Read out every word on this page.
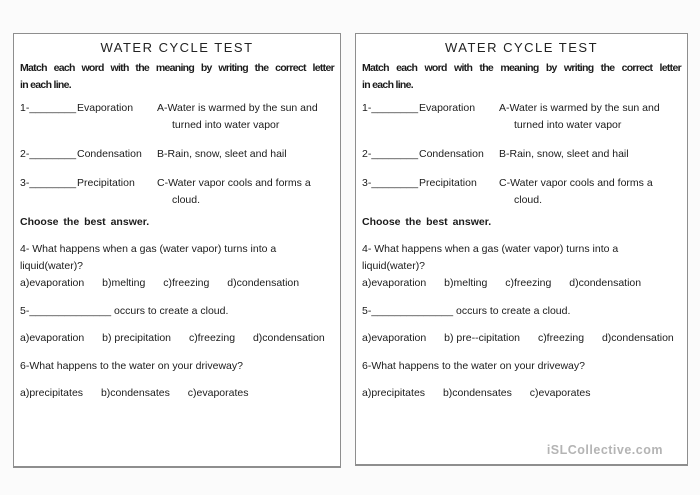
WATER CYCLE TEST
Match each word with the meaning by writing the correct letter
in each line.
1-________ Evaporation	A-Water is warmed by the sun and
turned into water vapor
2-________ Condensation	B-Rain, snow, sleet and hail
3-________ Precipitation	C-Water vapor cools and forms a
cloud.

Choose the best answer.

4- What happens when a gas (water vapor) turns into a liquid(water)?

a)evaporation b)melting c)freezing d)condensation

5-______________ occurs to create a cloud.

a)evaporation b) precipitation c)freezing d)condensation

6-What happens to the water on your driveway?

a)precipitates b)condensates c)evaporates

WATER CYCLE TEST
Match each word with the meaning by writing the correct letter
in each line.
1-________ Evaporation	A-Water is warmed by the sun and
turned into water vapor
2-________ Condensation	B-Rain, snow, sleet and hail
3-________ Precipitation	C-Water vapor cools and forms a
cloud.

Choose the best answer.

4- What happens when a gas (water vapor) turns into a liquid(water)?

a)evaporation b)melting c)freezing d)condensation

5-______________ occurs to create a cloud.

a)evaporation b) pre--cipitation c)freezing d)condensation

6-What happens to the water on your driveway?

a)precipitates b)condensates c)evaporates

iSLCollective.com
